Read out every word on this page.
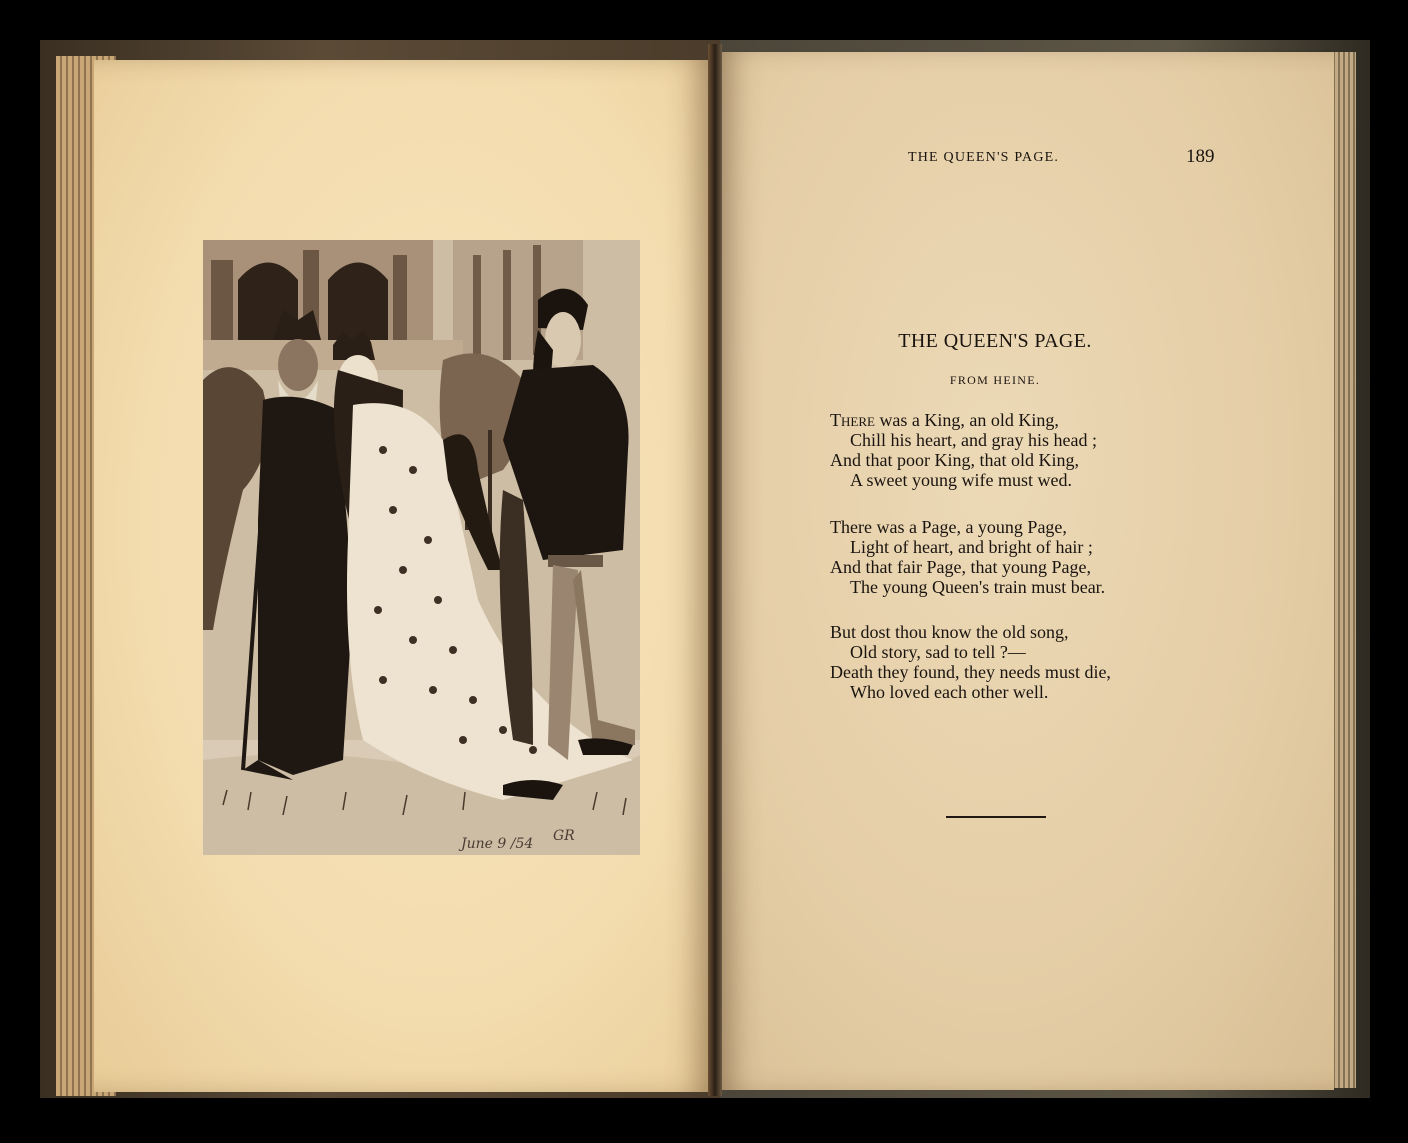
June 9 /54 GR
THE QUEEN'S PAGE.	189
THE QUEEN'S PAGE.
FROM HEINE.
There was a King, an old King,
Chill his heart, and gray his head ;
And that poor King, that old King,
A sweet young wife must wed.
There was a Page, a young Page,
Light of heart, and bright of hair ;
And that fair Page, that young Page,
The young Queen's train must bear.
But dost thou know the old song,
Old story, sad to tell ?—
Death they found, they needs must die,
Who loved each other well.
